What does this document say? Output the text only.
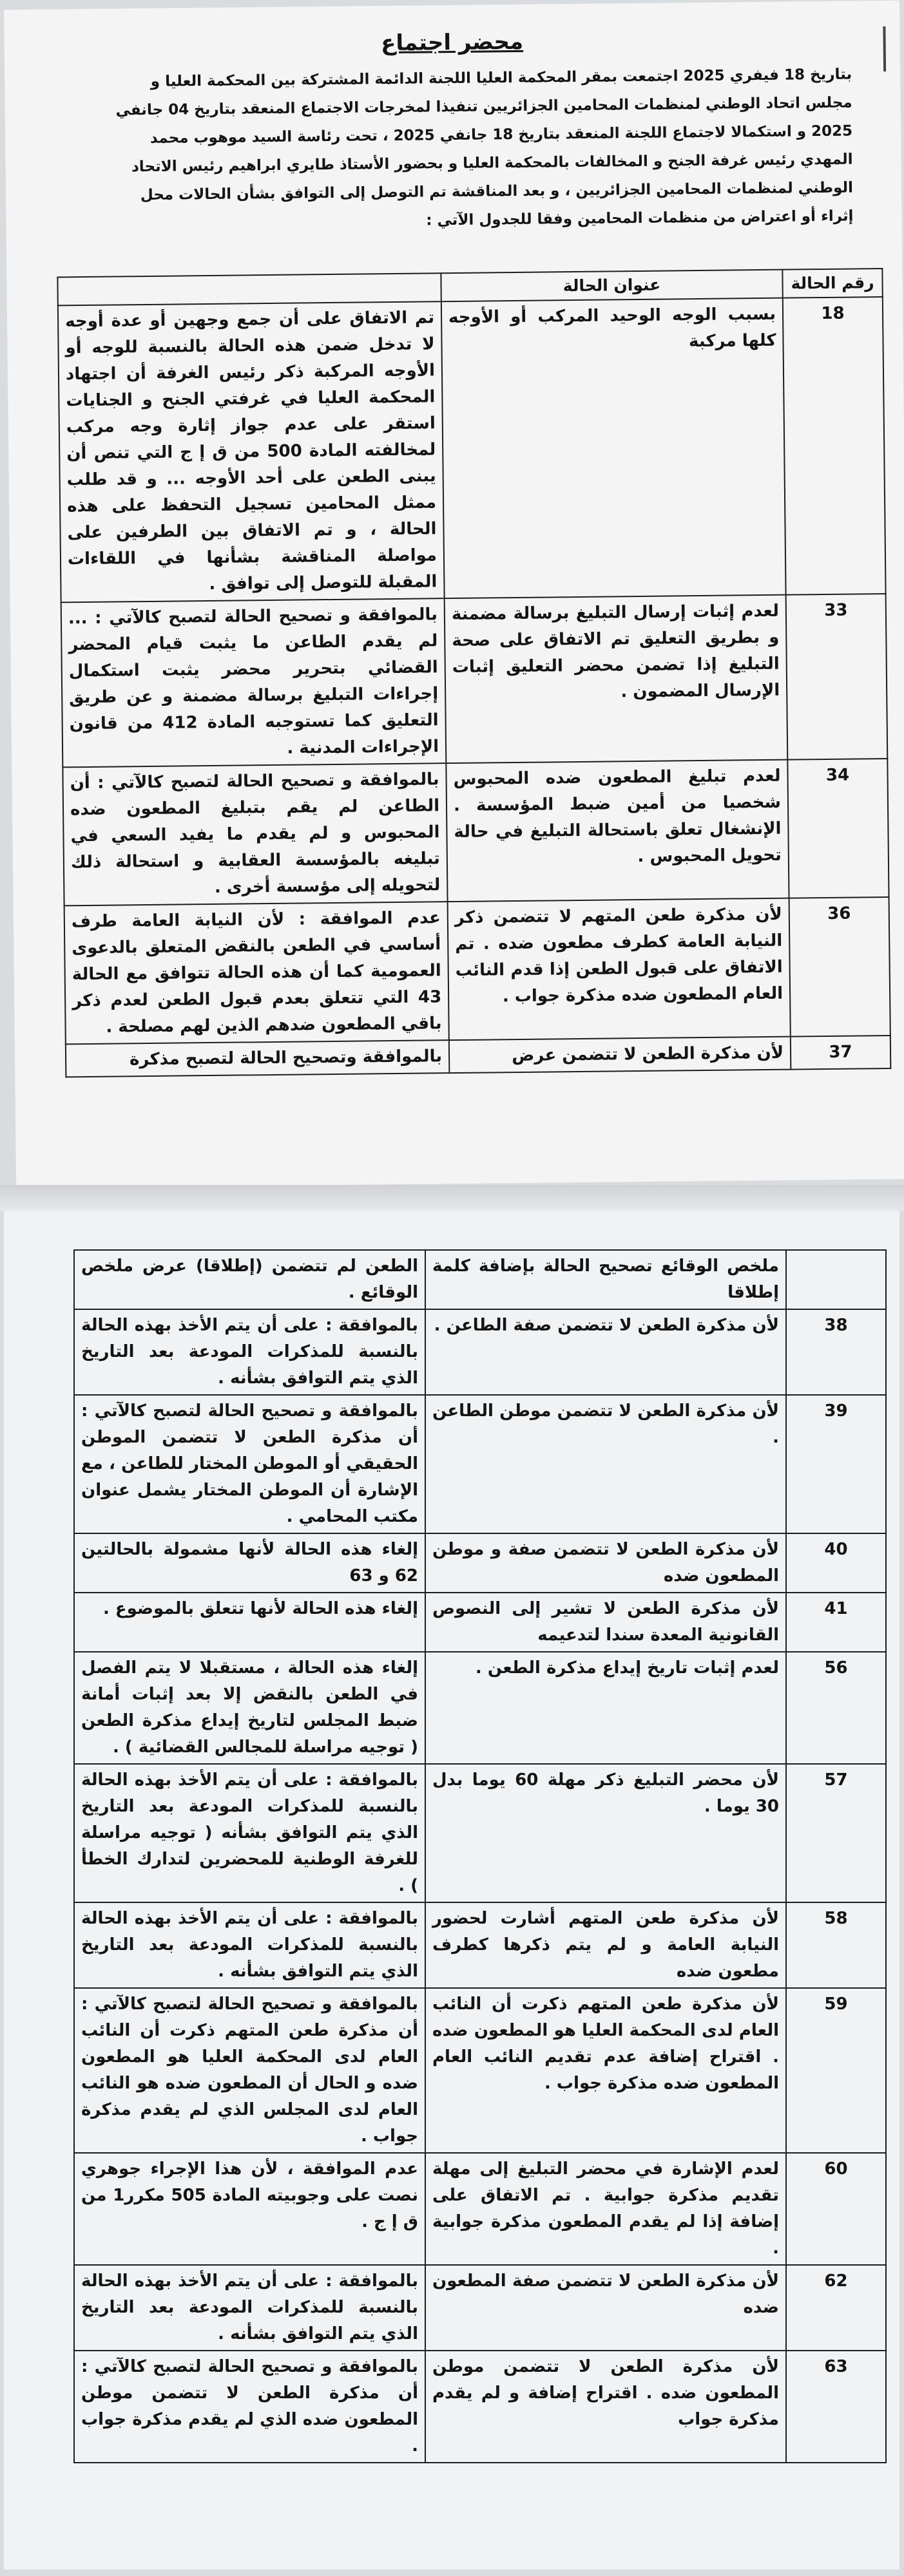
محضر اجتماع

بتاريخ 18 فيفري 2025 اجتمعت بمقر المحكمة العليا اللجنة الدائمة المشتركة بين المحكمة العليا و

مجلس اتحاد الوطني لمنظمات المحامين الجزائريين تنفيذا لمخرجات الاجتماع المنعقد بتاريخ 04 جانفي

2025 و استكمالا لاجتماع اللجنة المنعقد بتاريخ 18 جانفي 2025 ، تحت رئاسة السيد موهوب محمد

المهدي رئيس غرفة الجنح و المخالفات بالمحكمة العليا و بحضور الأستاذ طايري ابراهيم رئيس الاتحاد

الوطني لمنظمات المحامين الجزائريين ، و بعد المناقشة تم التوصل إلى التوافق بشأن الحالات محل

إثراء أو اعتراض من منظمات المحامين وفقا للجدول الآتي :

رقم الحالة	عنوان الحالة	
18	بسبب الوجه الوحيد المركب أو الأوجه كلها مركبة	تم الاتفاق على أن جمع وجهين أو عدة أوجه لا تدخل ضمن هذه الحالة بالنسبة للوجه أو الأوجه المركبة ذكر رئيس الغرفة أن اجتهاد المحكمة العليا في غرفتي الجنح و الجنايات استقر على عدم جواز إثارة وجه مركب لمخالفته المادة 500 من ق إ ج التي تنص أن يبنى الطعن على أحد الأوجه ... و قد طلب ممثل المحامين تسجيل التحفظ على هذه الحالة ، و تم الاتفاق بين الطرفين على مواصلة المناقشة بشأنها في اللقاءات المقبلة للتوصل إلى توافق .
33	لعدم إثبات إرسال التبليغ برسالة مضمنة و بطريق التعليق تم الاتفاق على صحة التبليغ إذا تضمن محضر التعليق إثبات الإرسال المضمون .	بالموافقة و تصحيح الحالة لتصبح كالآتي : ... لم يقدم الطاعن ما يثبت قيام المحضر القضائي بتحرير محضر يثبت استكمال إجراءات التبليغ برسالة مضمنة و عن طريق التعليق كما تستوجبه المادة 412 من قانون الإجراءات المدنية .
34	لعدم تبليغ المطعون ضده المحبوس شخصيا من أمين ضبط المؤسسة . الإنشغال تعلق باستحالة التبليغ في حالة تحويل المحبوس .	بالموافقة و تصحيح الحالة لتصبح كالآتي : أن الطاعن لم يقم بتبليغ المطعون ضده المحبوس و لم يقدم ما يفيد السعي في تبليغه بالمؤسسة العقابية و استحالة ذلك لتحويله إلى مؤسسة أخرى .
36	لأن مذكرة طعن المتهم لا تتضمن ذكر النيابة العامة كطرف مطعون ضده . تم الاتفاق على قبول الطعن إذا قدم النائب العام المطعون ضده مذكرة جواب .	عدم الموافقة : لأن النيابة العامة طرف أساسي في الطعن بالنقض المتعلق بالدعوى العمومية كما أن هذه الحالة تتوافق مع الحالة 43 التي تتعلق بعدم قبول الطعن لعدم ذكر باقي المطعون ضدهم الذين لهم مصلحة .
37	لأن مذكرة الطعن لا تتضمن عرض	بالموافقة وتصحيح الحالة لتصبح مذكرة
	ملخص الوقائع تصحيح الحالة بإضافة كلمة إطلاقا	الطعن لم تتضمن (إطلاقا) عرض ملخص الوقائع .
38	لأن مذكرة الطعن لا تتضمن صفة الطاعن .	بالموافقة : على أن يتم الأخذ بهذه الحالة بالنسبة للمذكرات المودعة بعد التاريخ الذي يتم التوافق بشأنه .
39	لأن مذكرة الطعن لا تتضمن موطن الطاعن .	بالموافقة و تصحيح الحالة لتصبح كالآتي : أن مذكرة الطعن لا تتضمن الموطن الحقيقي أو الموطن المختار للطاعن ، مع الإشارة أن الموطن المختار يشمل عنوان مكتب المحامي .
40	لأن مذكرة الطعن لا تتضمن صفة و موطن المطعون ضده	إلغاء هذه الحالة لأنها مشمولة بالحالتين 62 و 63
41	لأن مذكرة الطعن لا تشير إلى النصوص القانونية المعدة سندا لتدعيمه	إلغاء هذه الحالة لأنها تتعلق بالموضوع .
56	لعدم إثبات تاريخ إيداع مذكرة الطعن .	إلغاء هذه الحالة ، مستقبلا لا يتم الفصل في الطعن بالنقض إلا بعد إثبات أمانة ضبط المجلس لتاريخ إيداع مذكرة الطعن ( توجيه مراسلة للمجالس القضائية ) .
57	لأن محضر التبليغ ذكر مهلة 60 يوما بدل 30 يوما .	بالموافقة : على أن يتم الأخذ بهذه الحالة بالنسبة للمذكرات المودعة بعد التاريخ الذي يتم التوافق بشأنه ( توجيه مراسلة للغرفة الوطنية للمحضرين لتدارك الخطأ ) .
58	لأن مذكرة طعن المتهم أشارت لحضور النيابة العامة و لم يتم ذكرها كطرف مطعون ضده	بالموافقة : على أن يتم الأخذ بهذه الحالة بالنسبة للمذكرات المودعة بعد التاريخ الذي يتم التوافق بشأنه .
59	لأن مذكرة طعن المتهم ذكرت أن النائب العام لدى المحكمة العليا هو المطعون ضده . اقتراح إضافة عدم تقديم النائب العام المطعون ضده مذكرة جواب .	بالموافقة و تصحيح الحالة لتصبح كالآتي : أن مذكرة طعن المتهم ذكرت أن النائب العام لدى المحكمة العليا هو المطعون ضده و الحال أن المطعون ضده هو النائب العام لدى المجلس الذي لم يقدم مذكرة جواب .
60	لعدم الإشارة في محضر التبليغ إلى مهلة تقديم مذكرة جوابية . تم الاتفاق على إضافة إذا لم يقدم المطعون مذكرة جوابية .	عدم الموافقة ، لأن هذا الإجراء جوهري نصت على وجوبيته المادة 505 مكرر1 من ق إ ج .
62	لأن مذكرة الطعن لا تتضمن صفة المطعون ضده	بالموافقة : على أن يتم الأخذ بهذه الحالة بالنسبة للمذكرات المودعة بعد التاريخ الذي يتم التوافق بشأنه .
63	لأن مذكرة الطعن لا تتضمن موطن المطعون ضده . اقتراح إضافة و لم يقدم مذكرة جواب	بالموافقة و تصحيح الحالة لتصبح كالآتي : أن مذكرة الطعن لا تتضمن موطن المطعون ضده الذي لم يقدم مذكرة جواب .
